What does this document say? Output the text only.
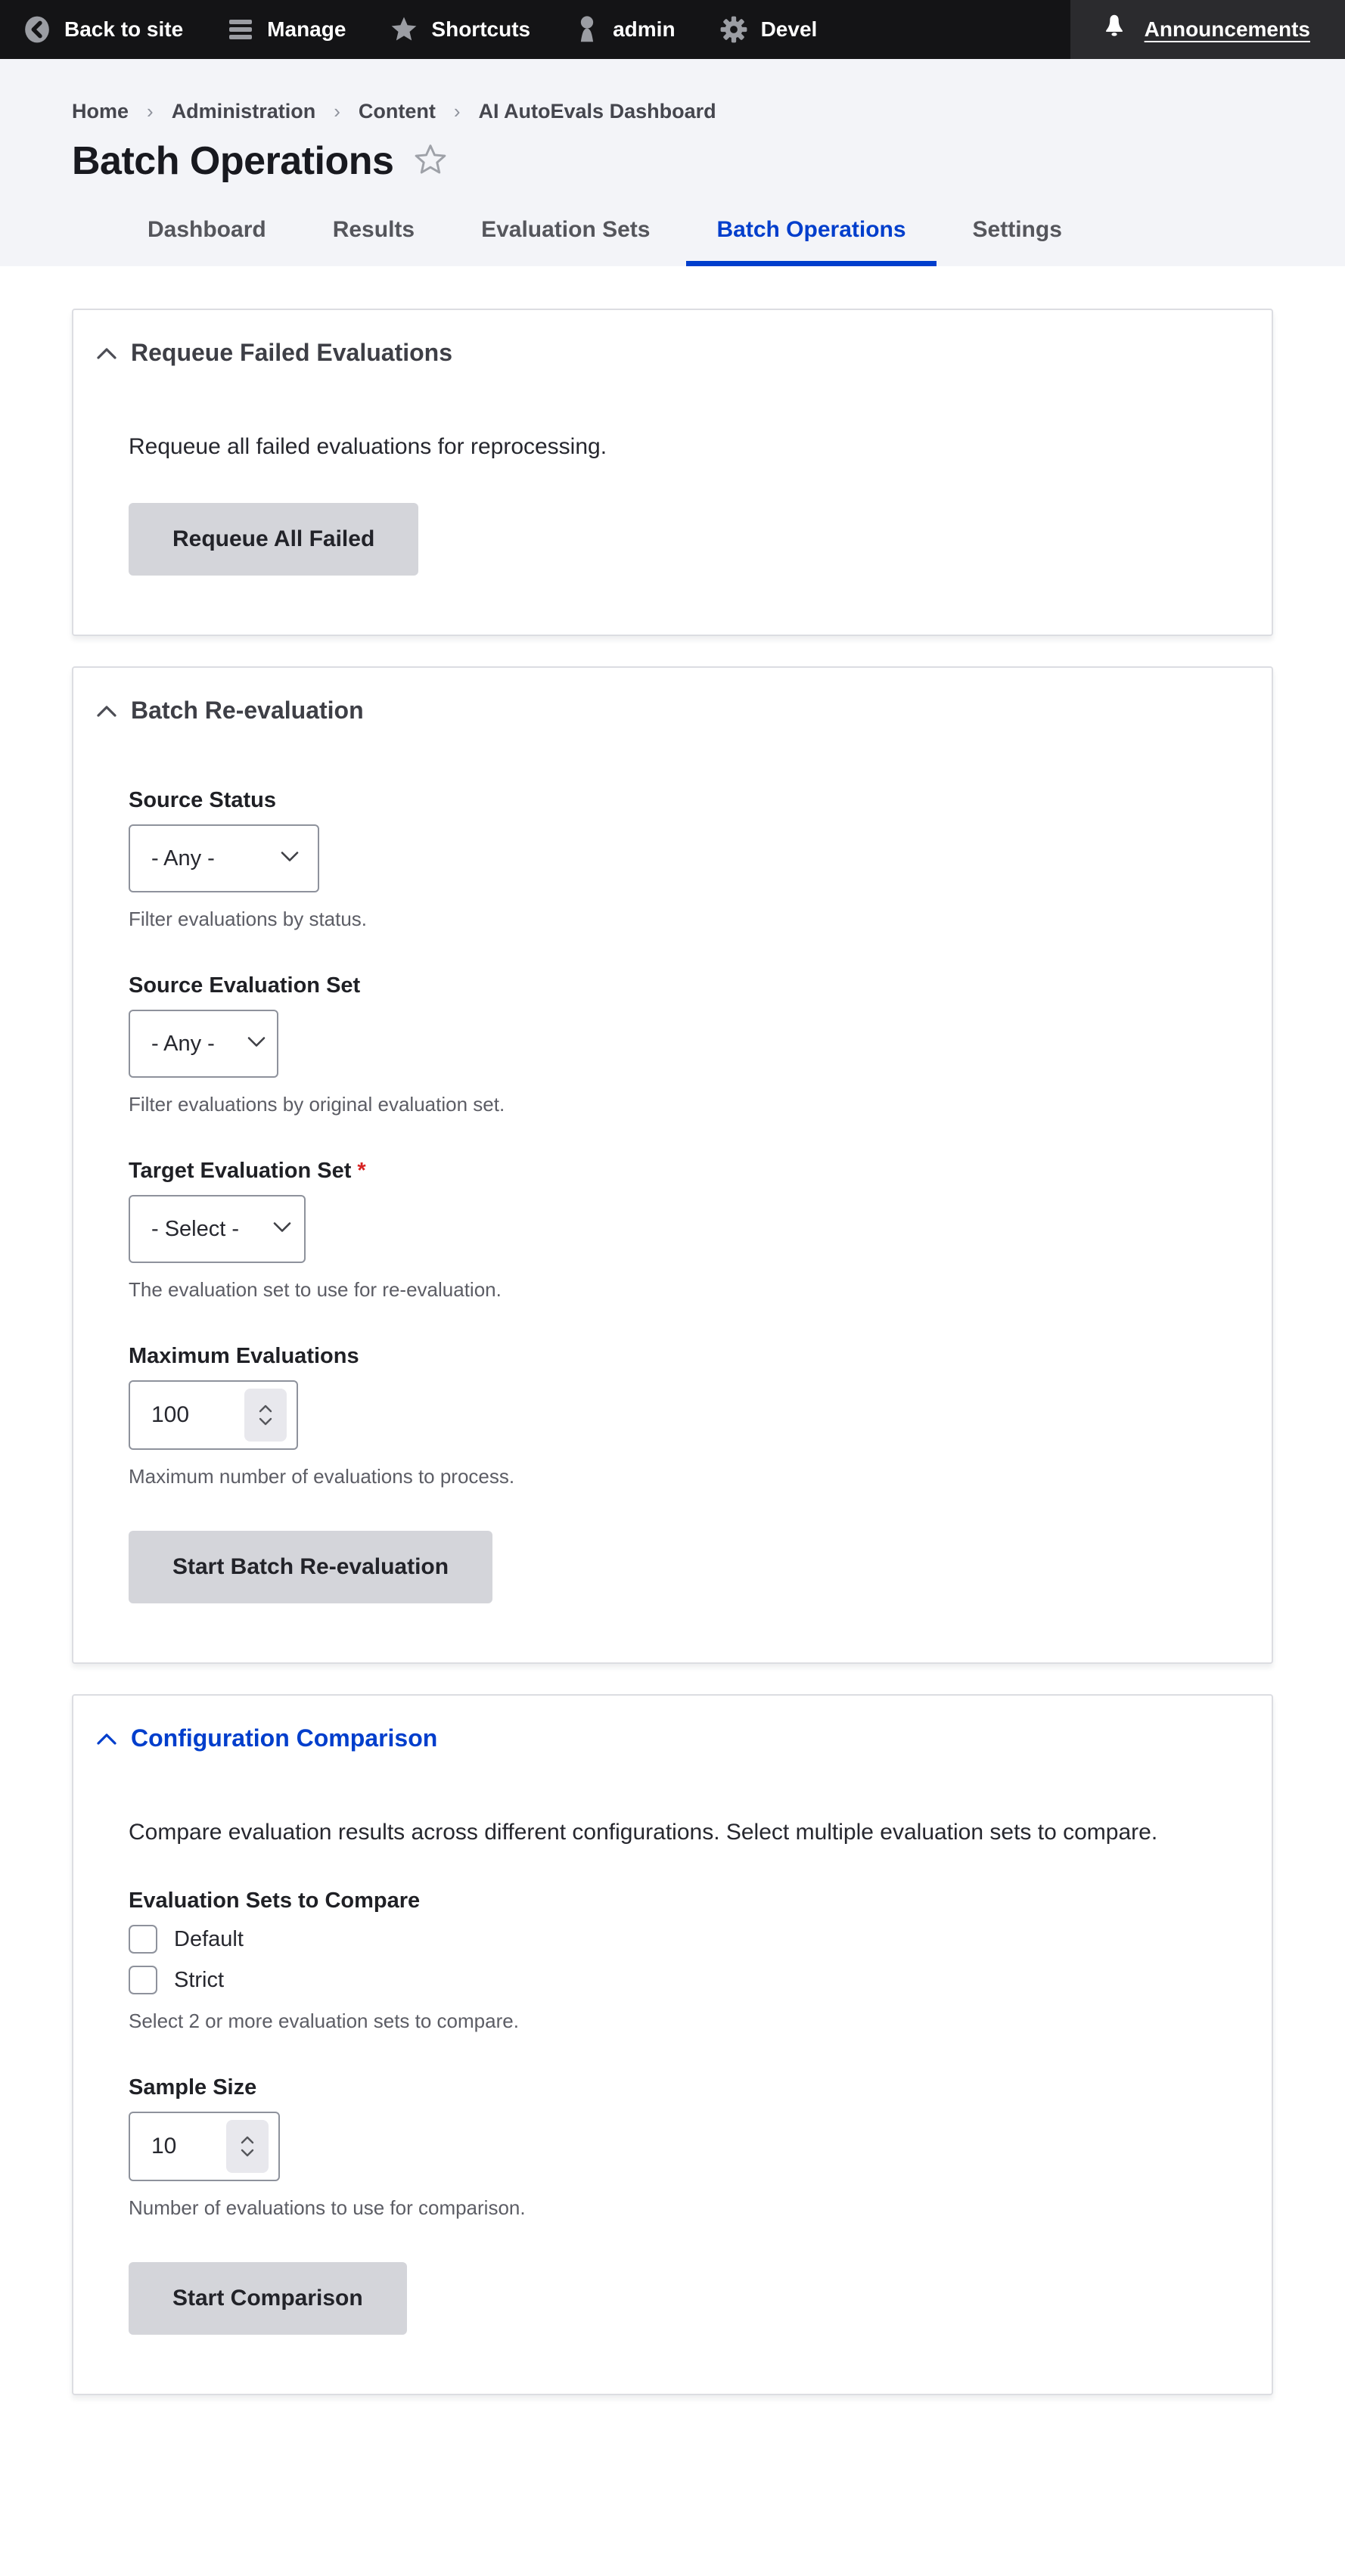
Back to site	Manage	Shortcuts	admin	Devel	Announcements
Home › Administration › Content › AI AutoEvals Dashboard
Batch Operations
Dashboard	Results	Evaluation Sets	Batch Operations	Settings
Requeue Failed Evaluations

Requeue all failed evaluations for reprocessing.

Requeue All Failed
Batch Re-evaluation
Source Status
- Any -
Filter evaluations by status.
Source Evaluation Set
- Any -
Filter evaluations by original evaluation set.
Target Evaluation Set *
- Select -
The evaluation set to use for re-evaluation.
Maximum Evaluations
100
Maximum number of evaluations to process.
Start Batch Re-evaluation
Configuration Comparison

Compare evaluation results across different configurations. Select multiple evaluation sets to compare.

Evaluation Sets to Compare
Default
Strict
Select 2 or more evaluation sets to compare.
Sample Size
10
Number of evaluations to use for comparison.
Start Comparison
